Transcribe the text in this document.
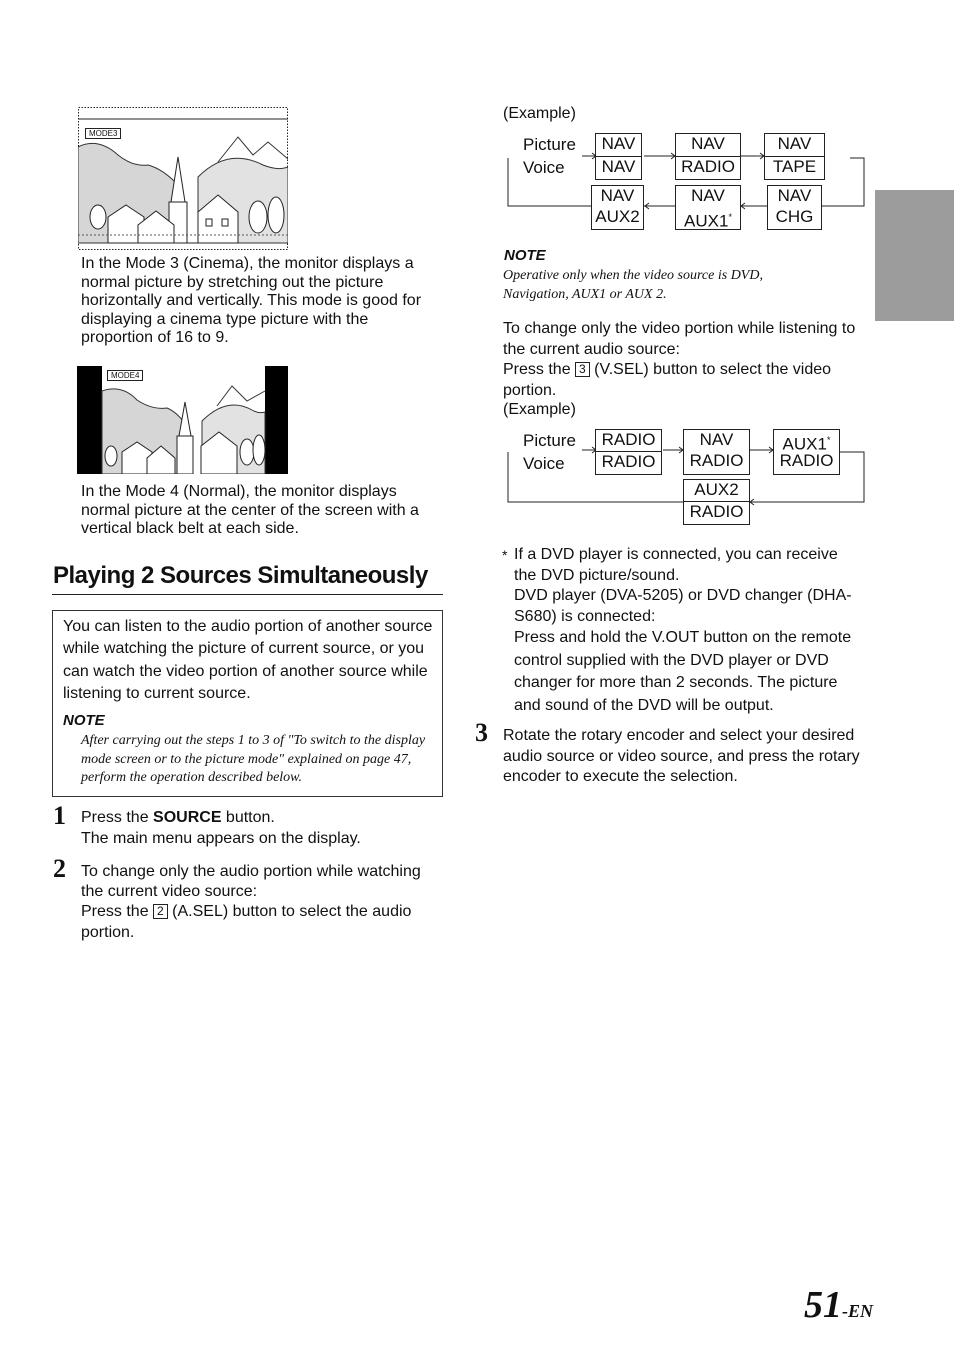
MODE3
In the Mode 3 (Cinema), the monitor displays a normal picture by stretching out the picture horizontally and vertically. This mode is good for displaying a cinema type picture with the proportion of 16 to 9.
MODE4
In the Mode 4 (Normal), the monitor displays normal picture at the center of the screen with a vertical black belt at each side.
Playing 2 Sources Simultaneously
You can listen to the audio portion of another source while watching the picture of current source, or you can watch the video portion of another source while listening to current source.
NOTE
After carrying out the steps 1 to 3 of "To switch to the display mode screen or to the picture mode" explained on page 47, perform the operation described below.
1 Press the SOURCE button.
The main menu appears on the display.
2 To change only the audio portion while watching the current video source:
Press the 2 (A.SEL) button to select the audio portion.
(Example)
Picture
Voice
NAV
NAV
NAV
RADIO
NAV
TAPE
NAV
AUX2
NAV
AUX1*
NAV
CHG
NOTE
Operative only when the video source is DVD, Navigation, AUX1 or AUX 2.
To change only the video portion while listening to the current audio source:
Press the 3 (V.SEL) button to select the video portion.
(Example)
Picture
Voice
RADIO
RADIO
NAV
RADIO
AUX1*
RADIO
AUX2
RADIO
* If a DVD player is connected, you can receive the DVD picture/sound.
DVD player (DVA-5205) or DVD changer (DHA-S680) is connected:
Press and hold the V.OUT button on the remote control supplied with the DVD player or DVD changer for more than 2 seconds. The picture and sound of the DVD will be output.
3 Rotate the rotary encoder and select your desired audio source or video source, and press the rotary encoder to execute the selection.
51-EN
